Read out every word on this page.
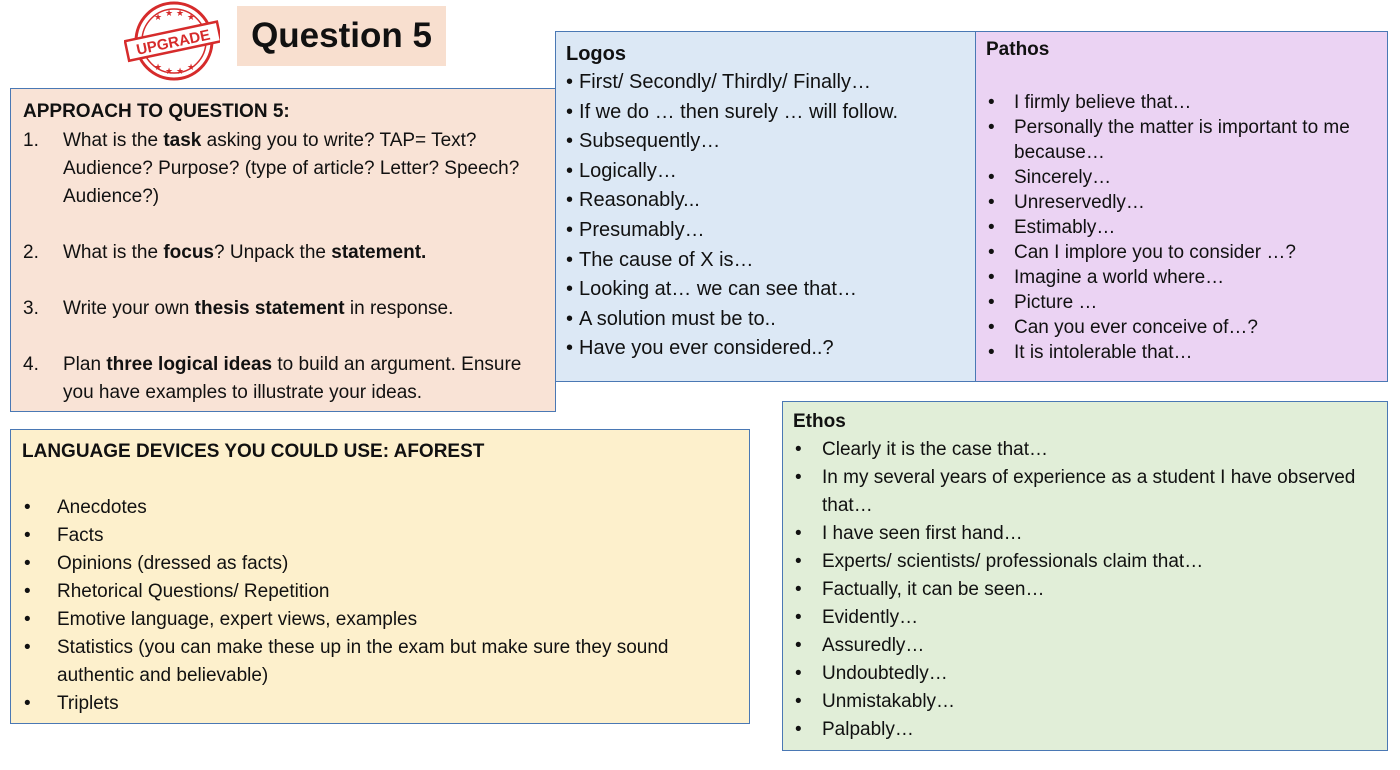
★ ★ ★ ★
★ ★ ★ ★
UPGRADE Question 5
APPROACH TO QUESTION 5:
1.	What is the task asking you to write? TAP= Text? Audience? Purpose? (type of article? Letter? Speech? Audience?)
2.	What is the focus? Unpack the statement.
3.	Write your own thesis statement in response.
4.	Plan three logical ideas to build an argument. Ensure you have examples to illustrate your ideas.
Logos
• First/ Secondly/ Thirdly/ Finally…
• If we do … then surely … will follow.
• Subsequently…
• Logically…
• Reasonably...
• Presumably…
• The cause of X is…
• Looking at… we can see that…
• A solution must be to..
• Have you ever considered..?
Pathos
•	I firmly believe that…
•	Personally the matter is important to me because…
•	Sincerely…
•	Unreservedly…
•	Estimably…
•	Can I implore you to consider …?
•	Imagine a world where…
•	Picture …
•	Can you ever conceive of…?
•	It is intolerable that…
LANGUAGE DEVICES YOU COULD USE: AFOREST
•	Anecdotes
•	Facts
•	Opinions (dressed as facts)
•	Rhetorical Questions/ Repetition
•	Emotive language, expert views, examples
•	Statistics (you can make these up in the exam but make sure they sound authentic and believable)
•	Triplets
Ethos
•	Clearly it is the case that…
•	In my several years of experience as a student I have observed that…
•	I have seen first hand…
•	Experts/ scientists/ professionals claim that…
•	Factually, it can be seen…
•	Evidently…
•	Assuredly…
•	Undoubtedly…
•	Unmistakably…
•	Palpably…
